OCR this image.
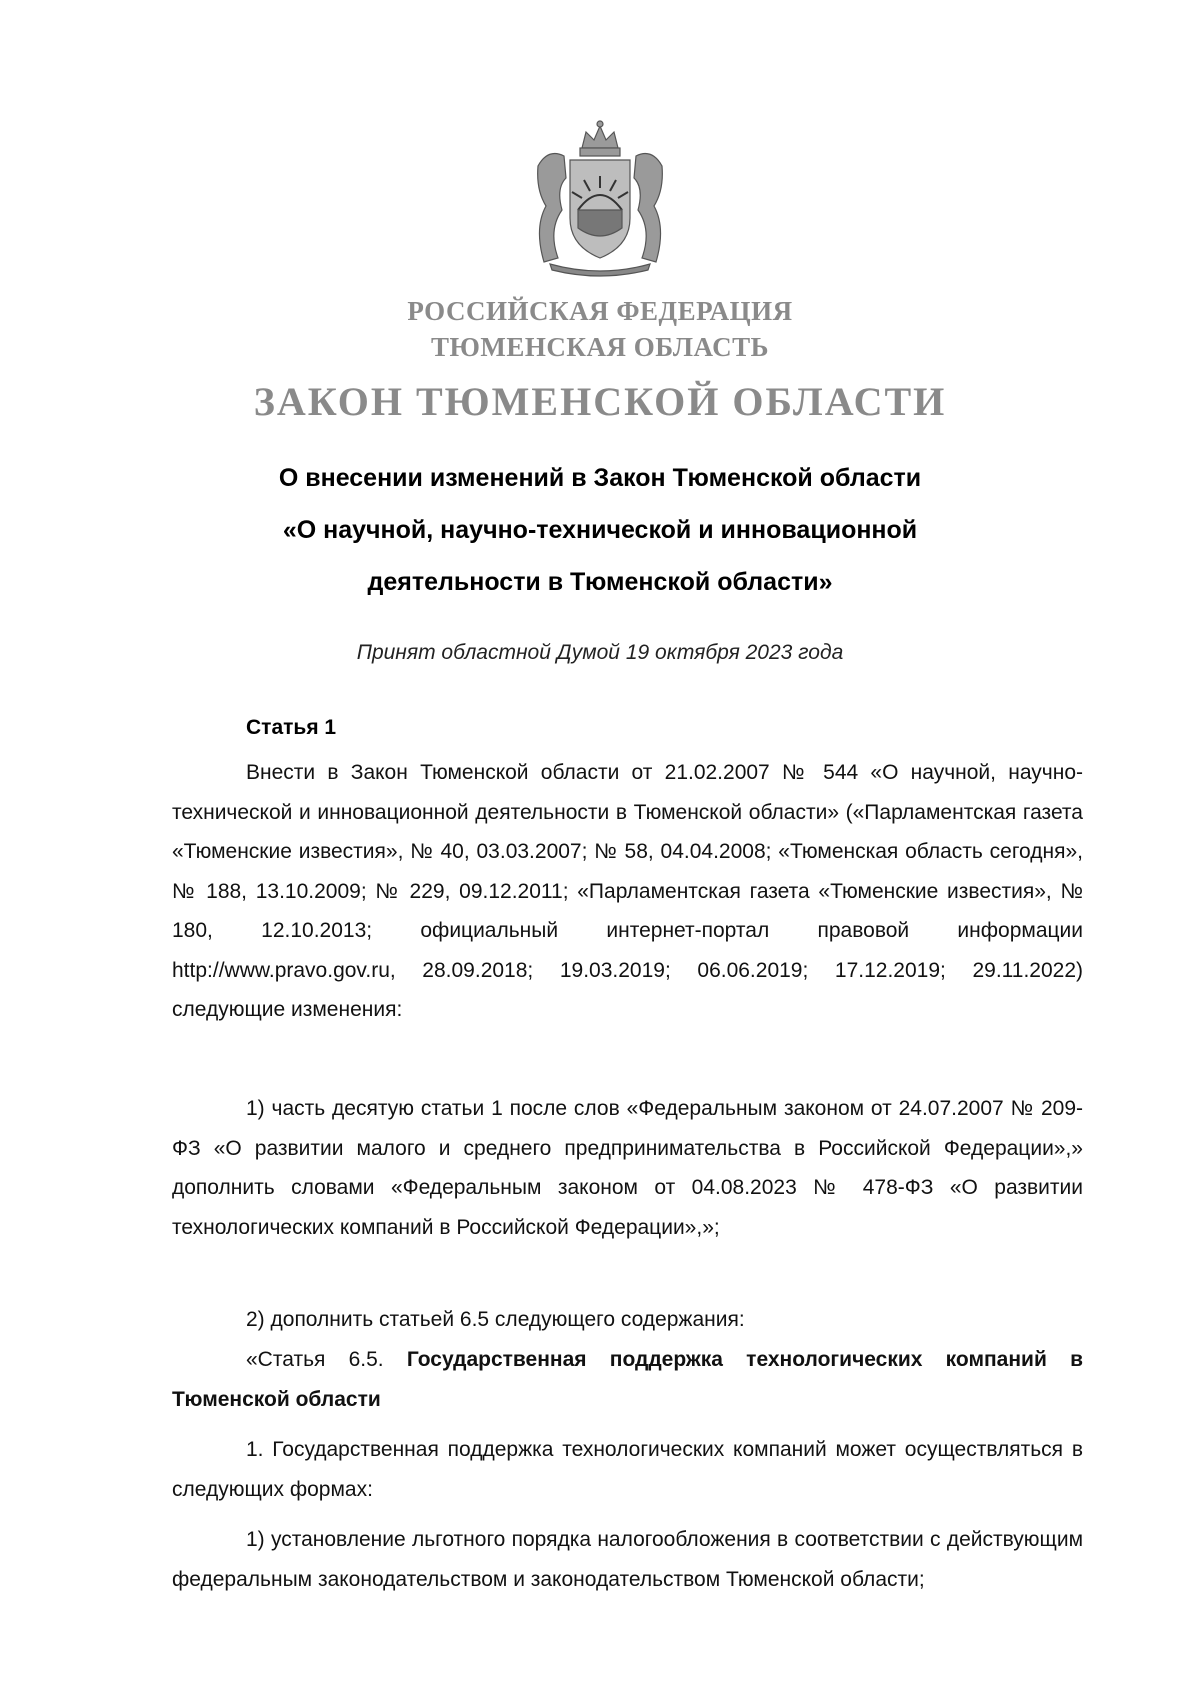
РОССИЙСКАЯ ФЕДЕРАЦИЯ
ТЮМЕНСКАЯ ОБЛАСТЬ
ЗАКОН ТЮМЕНСКОЙ ОБЛАСТИ
О внесении изменений в Закон Тюменской области
«О научной, научно-технической и инновационной
деятельности в Тюменской области»
Принят областной Думой 19 октября 2023 года
Статья 1

Внести в Закон Тюменской области от 21.02.2007 № 544 «О научной, научно-технической и инновационной деятельности в Тюменской области» («Парламентская газета «Тюменские известия», № 40, 03.03.2007; № 58, 04.04.2008; «Тюменская область сегодня», № 188, 13.10.2009; № 229, 09.12.2011; «Парламентская газета «Тюменские известия», № 180, 12.10.2013; официальный интернет-портал правовой информации http://www.pravo.gov.ru, 28.09.2018; 19.03.2019; 06.06.2019; 17.12.2019; 29.11.2022) следующие изменения:

1) часть десятую статьи 1 после слов «Федеральным законом от 24.07.2007 № 209-ФЗ «О развитии малого и среднего предпринимательства в Российской Федерации»,» дополнить словами «Федеральным законом от 04.08.2023 № 478-ФЗ «О развитии технологических компаний в Российской Федерации»,»;

2) дополнить статьей 6.5 следующего содержания:

«Статья 6.5. Государственная поддержка технологических компаний в Тюменской области

1. Государственная поддержка технологических компаний может осуществляться в следующих формах:

1) установление льготного порядка налогообложения в соответствии с действующим федеральным законодательством и законодательством Тюменской области;
